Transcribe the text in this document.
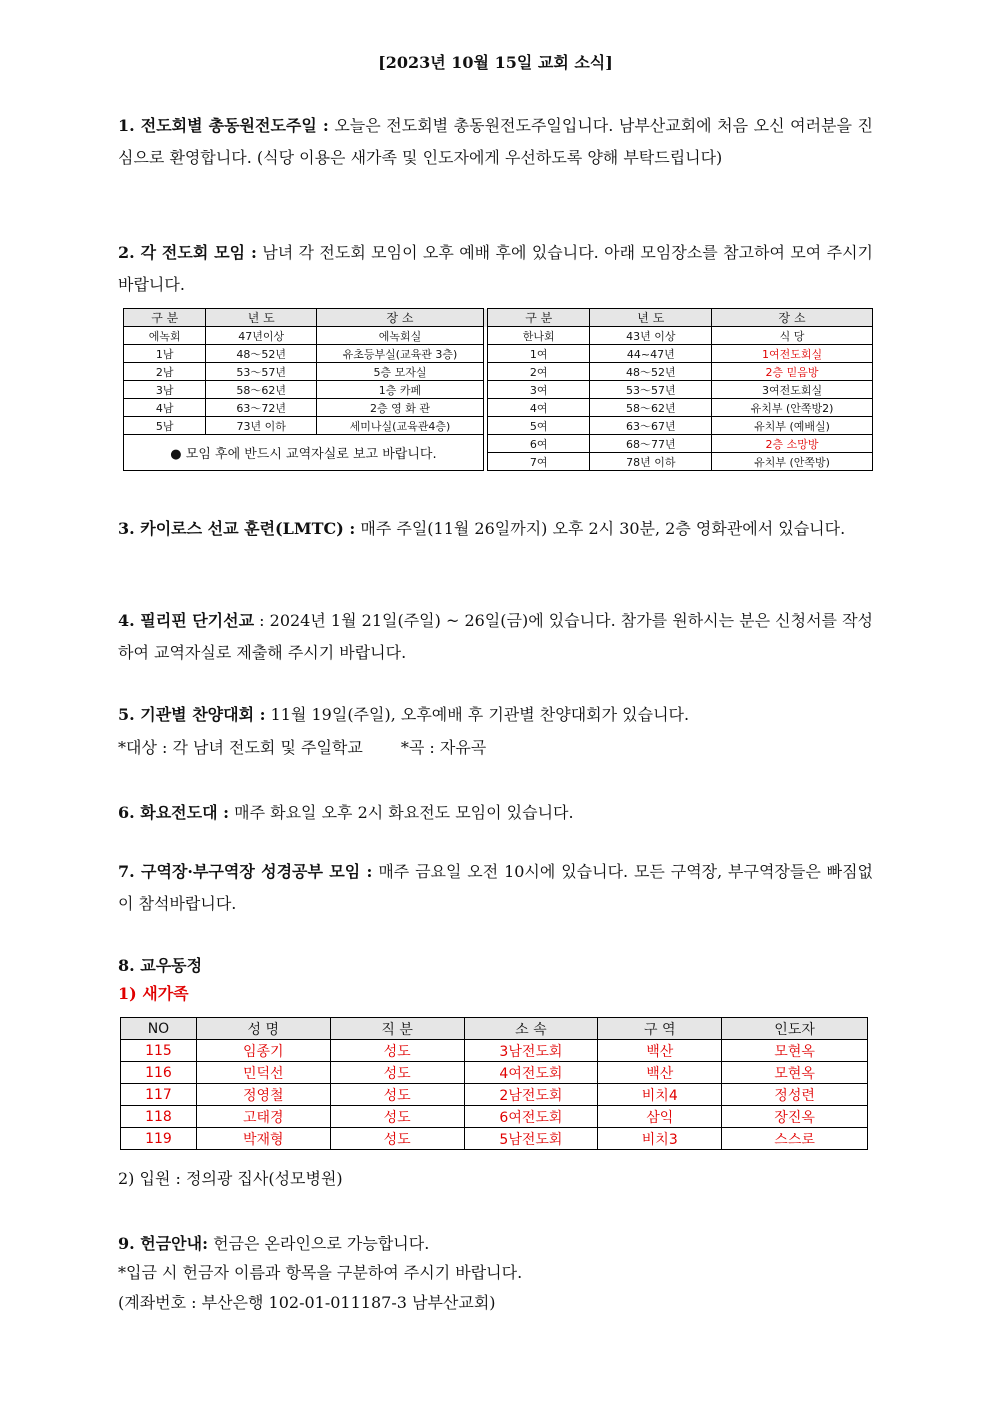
[2023년 10월 15일 교회 소식]
1. 전도회별 총동원전도주일 : 오늘은 전도회별 총동원전도주일입니다. 남부산교회에 처음 오신 여러분을 진심으로 환영합니다. (식당 이용은 새가족 및 인도자에게 우선하도록 양해 부탁드립니다)
2. 각 전도회 모임 : 남녀 각 전도회 모임이 오후 예배 후에 있습니다. 아래 모임장소를 참고하여 모여 주시기 바랍니다.
구 분	년 도	장 소		구 분	년 도	장 소
에녹회	47년이상	에녹회실		한나회	43년 이상	식 당
1남	48～52년	유초등부실(교육관 3층)		1여	44~47년	1여전도회실
2남	53～57년	5층 모자실		2여	48～52년	2층 믿음방
3남	58～62년	1층 카페		3여	53～57년	3여전도회실
4남	63～72년	2층 영 화 관		4여	58～62년	유치부 (안쪽방2)
5남	73년 이하	세미나실(교육관4층)		5여	63～67년	유치부 (예배실)
● 모임 후에 반드시 교역자실로 보고 바랍니다.				6여	68～77년	2층 소망방
				7여	78년 이하	유치부 (안쪽방)
3. 카이로스 선교 훈련(LMTC) : 매주 주일(11월 26일까지) 오후 2시 30분, 2층 영화관에서 있습니다.
4. 필리핀 단기선교 : 2024년 1월 21일(주일) ~ 26일(금)에 있습니다. 참가를 원하시는 분은 신청서를 작성하여 교역자실로 제출해 주시기 바랍니다.
5. 기관별 찬양대회 : 11월 19일(주일), 오후예배 후 기관별 찬양대회가 있습니다.
*대상 : 각 남녀 전도회 및 주일학교 *곡 : 자유곡
6. 화요전도대 : 매주 화요일 오후 2시 화요전도 모임이 있습니다.
7. 구역장·부구역장 성경공부 모임 : 매주 금요일 오전 10시에 있습니다. 모든 구역장, 부구역장들은 빠짐없이 참석바랍니다.
8. 교우동정
1) 새가족
NO	성 명	직 분	소 속	구 역	인도자
115	임종기	성도	3남전도회	백산	모현옥
116	민덕선	성도	4여전도회	백산	모현옥
117	정영철	성도	2남전도회	비치4	정성련
118	고태경	성도	6여전도회	삼익	장진옥
119	박재형	성도	5남전도회	비치3	스스로
2) 입원 : 정의광 집사(성모병원)
9. 헌금안내: 헌금은 온라인으로 가능합니다.
*입금 시 헌금자 이름과 항목을 구분하여 주시기 바랍니다.
(계좌번호 : 부산은행 102-01-011187-3 남부산교회)
